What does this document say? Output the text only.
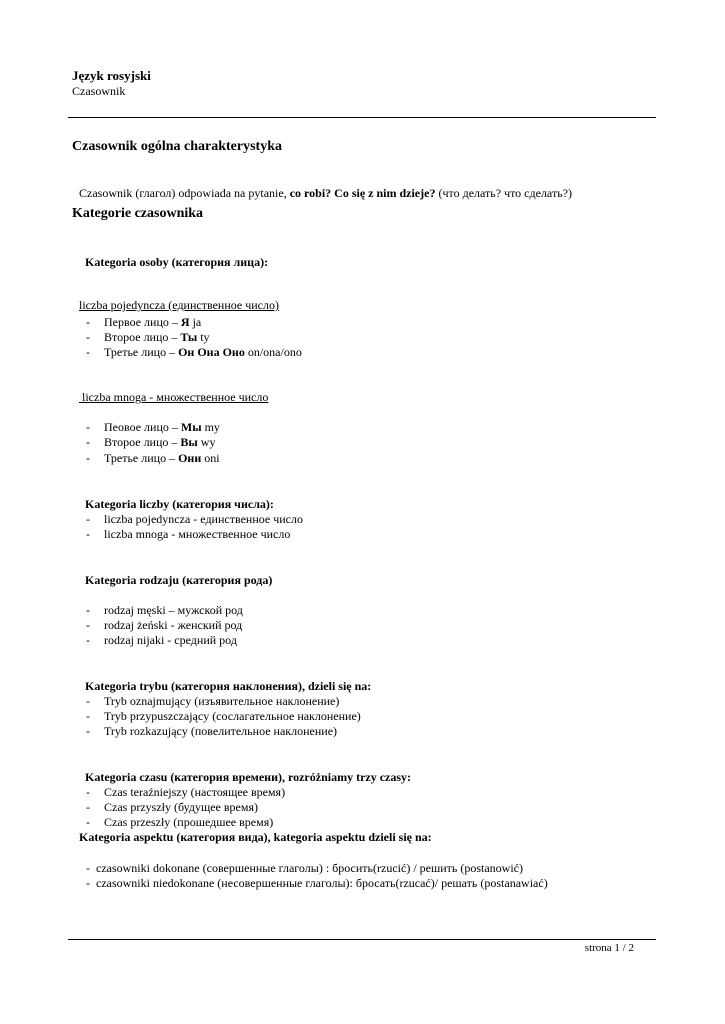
Język rosyjski
Czasownik
Czasownik ogólna charakterystyka
Czasownik (глагол) odpowiada na pytanie, co robi? Co się z nim dzieje? (что делать? что сделать?)
Kategorie czasownika
Kategoria osoby (категория лица):
liczba pojedyncza (единственное число)
- Первое лицо – Я ja
- Второе лицо – Ты ty
- Третье лицо – Он Она Оно on/ona/ono
liczba mnoga - множественное число
- Пеовое лицо – Мы my
- Второе лицо – Вы wy
- Третье лицо – Они oni
Kategoria liczby (категория числа):
- liczba pojedyncza - единственное число
- liczba mnoga - множественное число
Kategoria rodzaju (категория рода)
- rodzaj męski – мужской род
- rodzaj żeński - женский род
- rodzaj nijaki - средний род
Kategoria trybu (категория наклонения), dzieli się na:
- Tryb oznajmujący (изъявительное наклонение)
- Tryb przypuszczający (сослагательное наклонение)
- Tryb rozkazujący (повелительное наклонение)
Kategoria czasu (категория времени), rozróżniamy trzy czasy:
- Czas teraźniejszy (настоящее время)
- Czas przyszły (будущее время)
- Czas przeszły (прошедшее время)
Kategoria aspektu (категория вида), kategoria aspektu dzieli się na:
-  czasowniki dokonane (совершенные глаголы) : бросить(rzucić) / решить (postanowić)
-  czasowniki niedokonane (несовершенные глаголы): бросать(rzucać)/ решать (postanawiać)
strona 1 / 2
